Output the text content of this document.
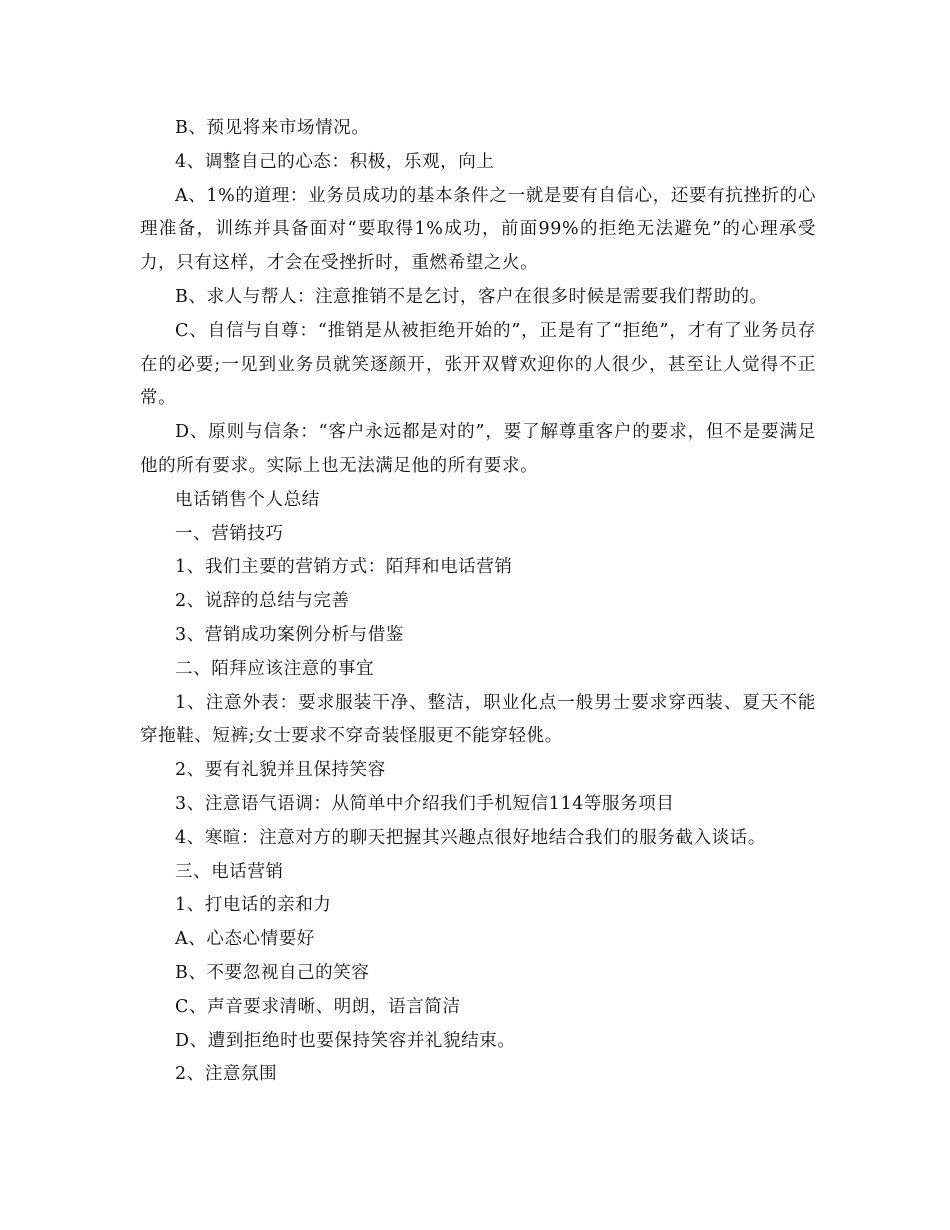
B、预见将来市场情况。

4、调整自己的心态：积极，乐观，向上

A、1%的道理：业务员成功的基本条件之一就是要有自信心，还要有抗挫折的心理准备，训练并具备面对“要取得1%成功，前面99%的拒绝无法避免”的心理承受力，只有这样，才会在受挫折时，重燃希望之火。

B、求人与帮人：注意推销不是乞讨，客户在很多时候是需要我们帮助的。

C、自信与自尊：“推销是从被拒绝开始的”，正是有了“拒绝”，才有了业务员存在的必要;一见到业务员就笑逐颜开，张开双臂欢迎你的人很少，甚至让人觉得不正常。

D、原则与信条：“客户永远都是对的”，要了解尊重客户的要求，但不是要满足他的所有要求。实际上也无法满足他的所有要求。

电话销售个人总结

一、营销技巧

1、我们主要的营销方式：陌拜和电话营销

2、说辞的总结与完善

3、营销成功案例分析与借鉴

二、陌拜应该注意的事宜

1、注意外表：要求服装干净、整洁，职业化点一般男士要求穿西装、夏天不能穿拖鞋、短裤;女士要求不穿奇装怪服更不能穿轻佻。

2、要有礼貌并且保持笑容

3、注意语气语调：从简单中介绍我们手机短信114等服务项目

4、寒暄：注意对方的聊天把握其兴趣点很好地结合我们的服务截入谈话。

三、电话营销

1、打电话的亲和力

A、心态心情要好

B、不要忽视自己的笑容

C、声音要求清晰、明朗，语言简洁

D、遭到拒绝时也要保持笑容并礼貌结束。

2、注意氛围
